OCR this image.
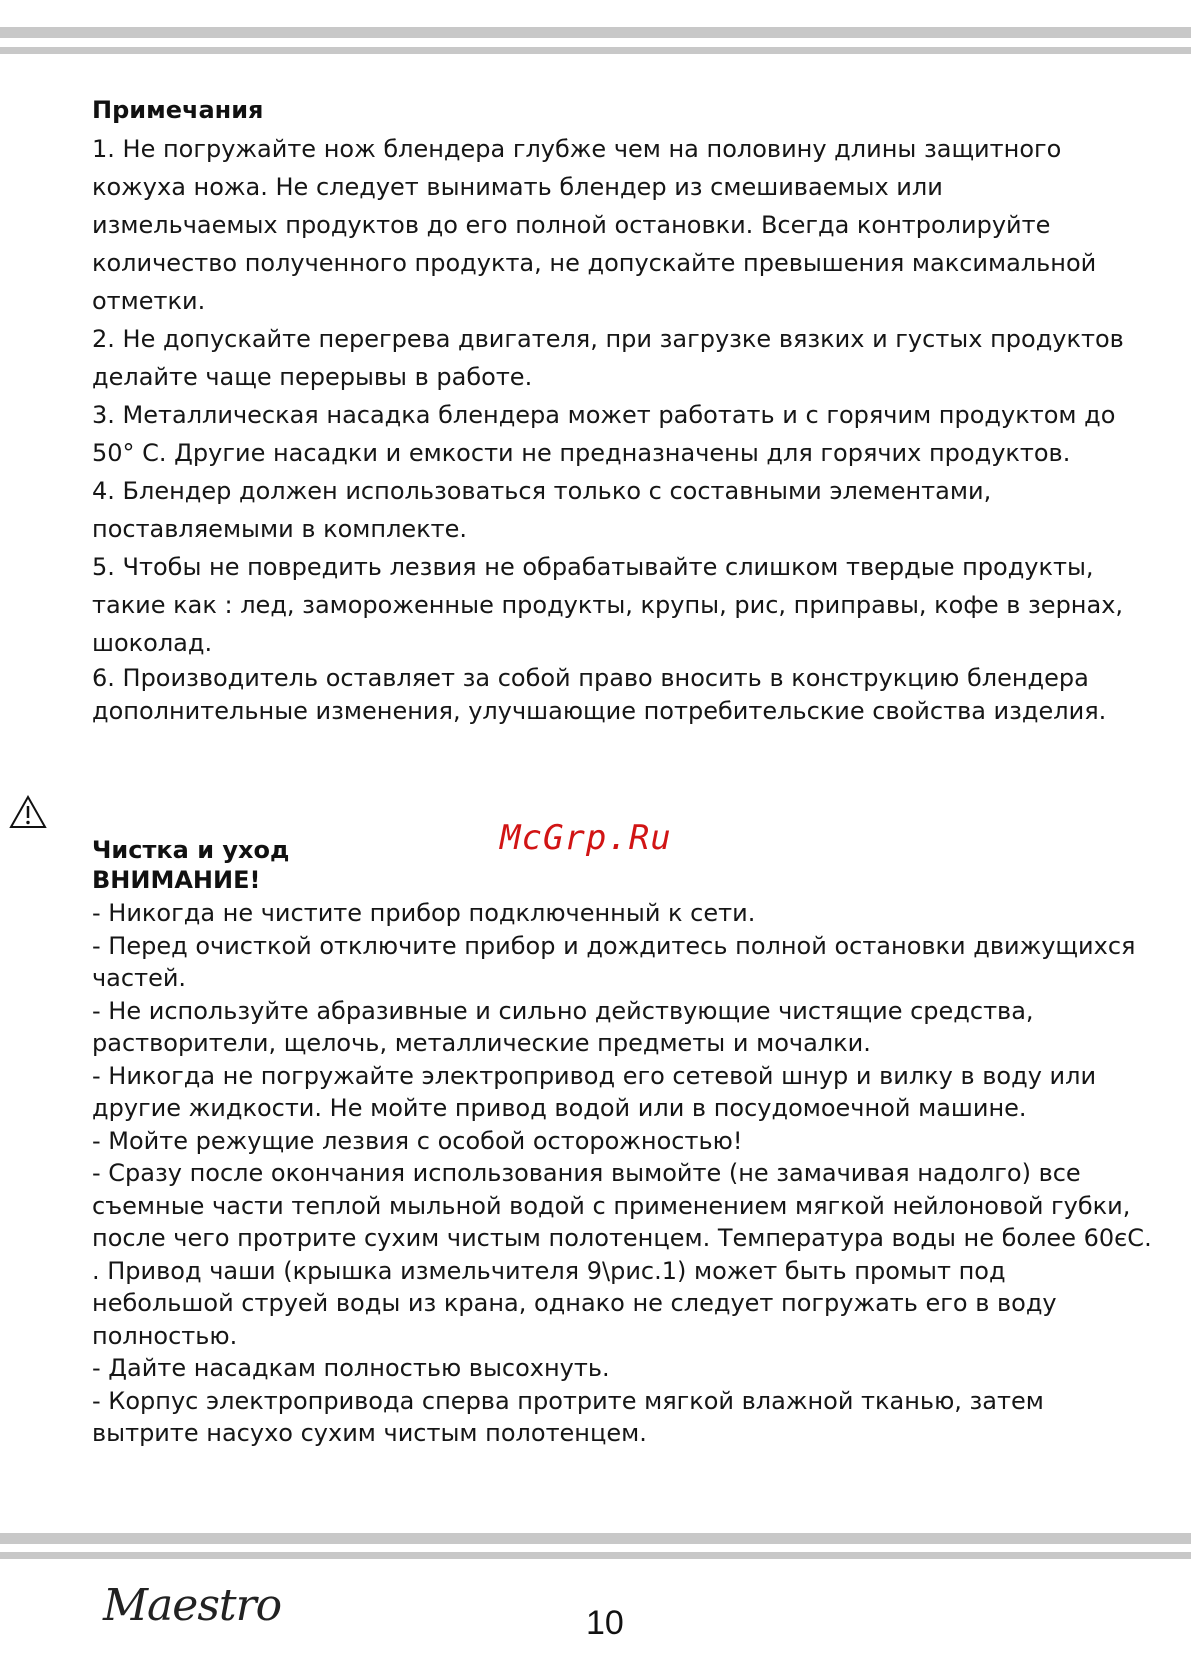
Примечания

1. Не погружайте нож блендера глубже чем на половину длины защитного кожуха ножа. Не следует вынимать блендер из смешиваемых или измельчаемых продуктов до его полной остановки. Всегда контролируйте количество полученного продукта, не допускайте превышения максимальной отметки.

2. Не допускайте перегрева двигателя, при загрузке вязких и густых продуктов делайте чаще перерывы в работе.

3. Металлическая насадка блендера может работать и с горячим продуктом до 50° С. Другие насадки и емкости не предназначены для горячих продуктов.

4. Блендер должен использоваться только с составными элементами, поставляемыми в комплекте.

5. Чтобы не повредить лезвия не обрабатывайте слишком твердые продукты, такие как : лед, замороженные продукты, крупы, рис, приправы, кофе в зернах, шоколад.

6. Производитель оставляет за собой право вносить в конструкцию блендера дополнительные изменения, улучшающие потребительские свойства изделия.

McGrp.Ru
Чистка и уход
ВНИМАНИЕ!

- Никогда не чистите прибор подключенный к сети.

- Перед очисткой отключите прибор и дождитесь полной остановки движущихся частей.

- Не используйте абразивные и сильно действующие чистящие средства, растворители, щелочь, металлические предметы и мочалки.

- Никогда не погружайте электропривод его сетевой шнур и вилку в воду или другие жидкости. Не мойте привод водой или в посудомоечной машине.

- Мойте режущие лезвия с особой осторожностью!

- Сразу после окончания использования вымойте (не замачивая надолго) все съемные части теплой мыльной водой с применением мягкой нейлоновой губки, после чего протрите сухим чистым полотенцем. Температура воды не более 60єС. . Привод чаши (крышка измельчителя 9\рис.1) может быть промыт под небольшой струей воды из крана, однако не следует погружать его в воду полностью.

- Дайте насадкам полностью высохнуть.

- Корпус электропривода сперва протрите мягкой влажной тканью, затем вытрите насухо сухим чистым полотенцем.

Maestro	10
